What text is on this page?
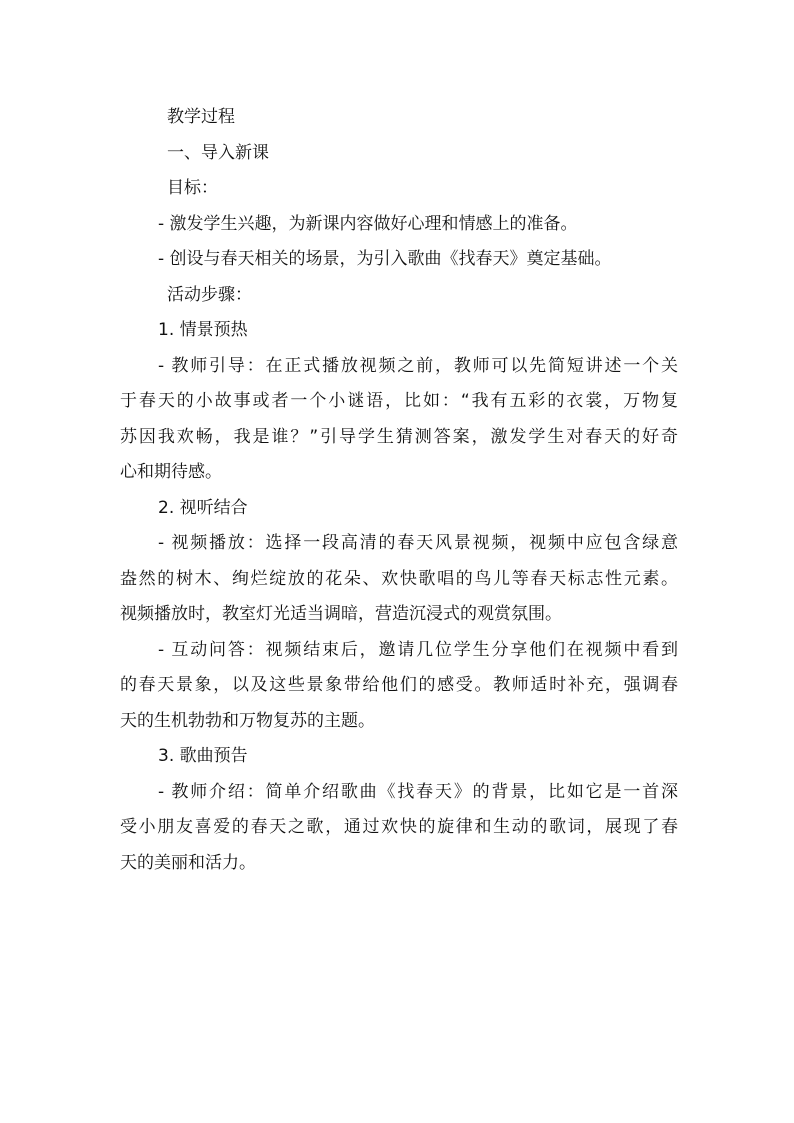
教学过程

一、导入新课

目标：

- 激发学生兴趣，为新课内容做好心理和情感上的准备。

- 创设与春天相关的场景，为引入歌曲《找春天》奠定基础。

活动步骤：

1. 情景预热

- 教师引导：在正式播放视频之前，教师可以先简短讲述一个关

于春天的小故事或者一个小谜语，比如：“我有五彩的衣裳，万物复

苏因我欢畅，我是谁？”引导学生猜测答案，激发学生对春天的好奇

心和期待感。

2. 视听结合

- 视频播放：选择一段高清的春天风景视频，视频中应包含绿意

盎然的树木、绚烂绽放的花朵、欢快歌唱的鸟儿等春天标志性元素。

视频播放时，教室灯光适当调暗，营造沉浸式的观赏氛围。

- 互动问答：视频结束后，邀请几位学生分享他们在视频中看到

的春天景象，以及这些景象带给他们的感受。教师适时补充，强调春

天的生机勃勃和万物复苏的主题。

3. 歌曲预告

- 教师介绍：简单介绍歌曲《找春天》的背景，比如它是一首深

受小朋友喜爱的春天之歌，通过欢快的旋律和生动的歌词，展现了春

天的美丽和活力。
